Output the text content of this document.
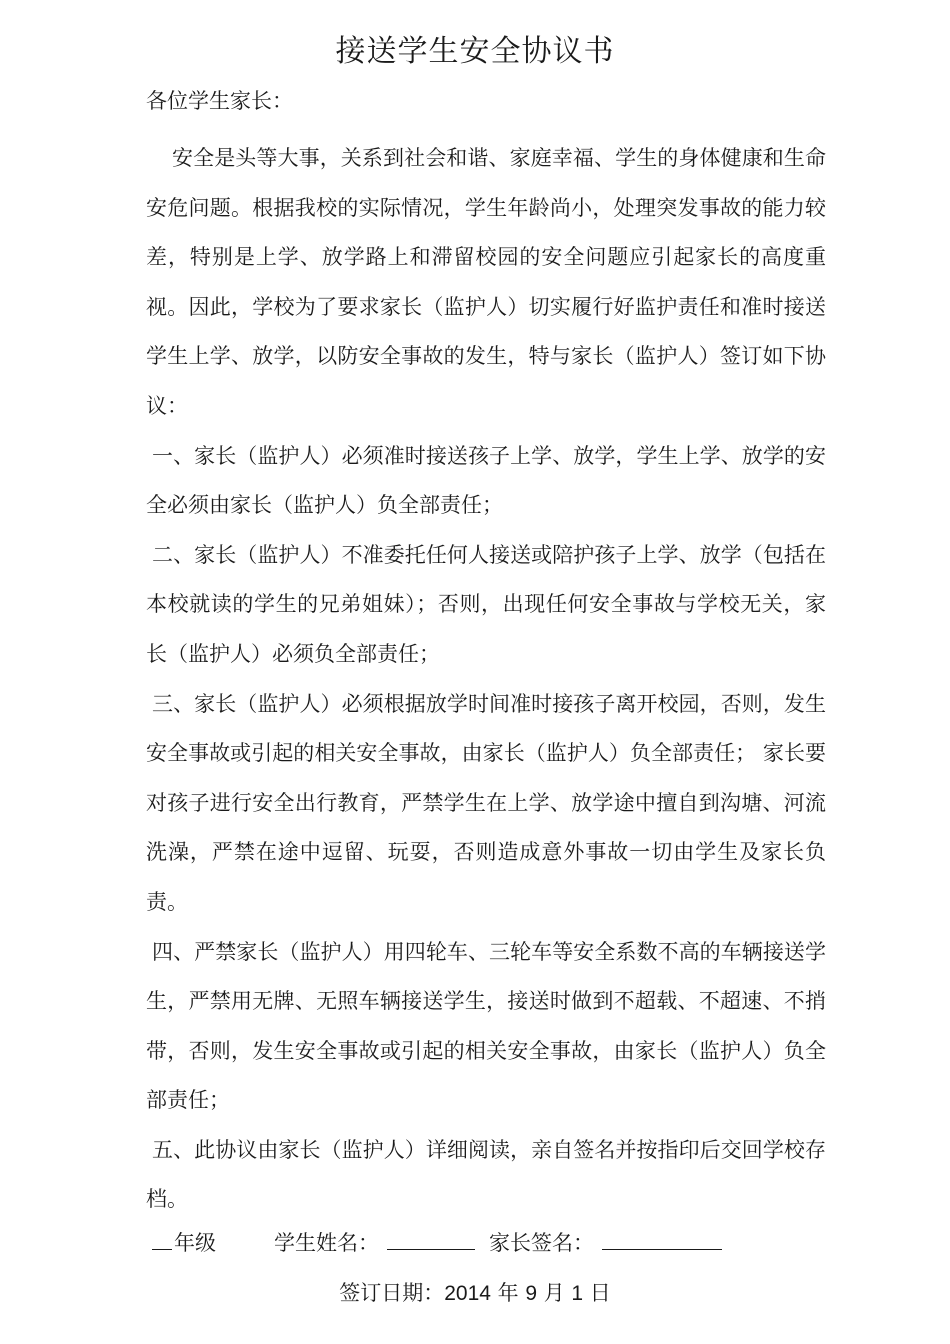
接送学生安全协议书
各位学生家长：

安全是头等大事，关系到社会和谐、家庭幸福、学生的身体健康和生命安危问题。根据我校的实际情况，学生年龄尚小，处理突发事故的能力较差，特别是上学、放学路上和滞留校园的安全问题应引起家长的高度重视。因此，学校为了要求家长（监护人）切实履行好监护责任和准时接送学生上学、放学，以防安全事故的发生，特与家长（监护人）签订如下协议：

一、家长（监护人）必须准时接送孩子上学、放学，学生上学、放学的安全必须由家长（监护人）负全部责任；

二、家长（监护人）不准委托任何人接送或陪护孩子上学、放学（包括在本校就读的学生的兄弟姐妹）；否则，出现任何安全事故与学校无关，家长（监护人）必须负全部责任；

三、家长（监护人）必须根据放学时间准时接孩子离开校园，否则，发生安全事故或引起的相关安全事故，由家长（监护人）负全部责任； 家长要对孩子进行安全出行教育，严禁学生在上学、放学途中擅自到沟塘、河流洗澡，严禁在途中逗留、玩耍，否则造成意外事故一切由学生及家长负责。

四、严禁家长（监护人）用四轮车、三轮车等安全系数不高的车辆接送学生，严禁用无牌、无照车辆接送学生，接送时做到不超载、不超速、不捎带，否则，发生安全事故或引起的相关安全事故，由家长（监护人）负全部责任；

五、此协议由家长（监护人）详细阅读，亲自签名并按指印后交回学校存档。

年级	学生姓名：	家长签名：
签订日期：2014 年 9 月 1 日
